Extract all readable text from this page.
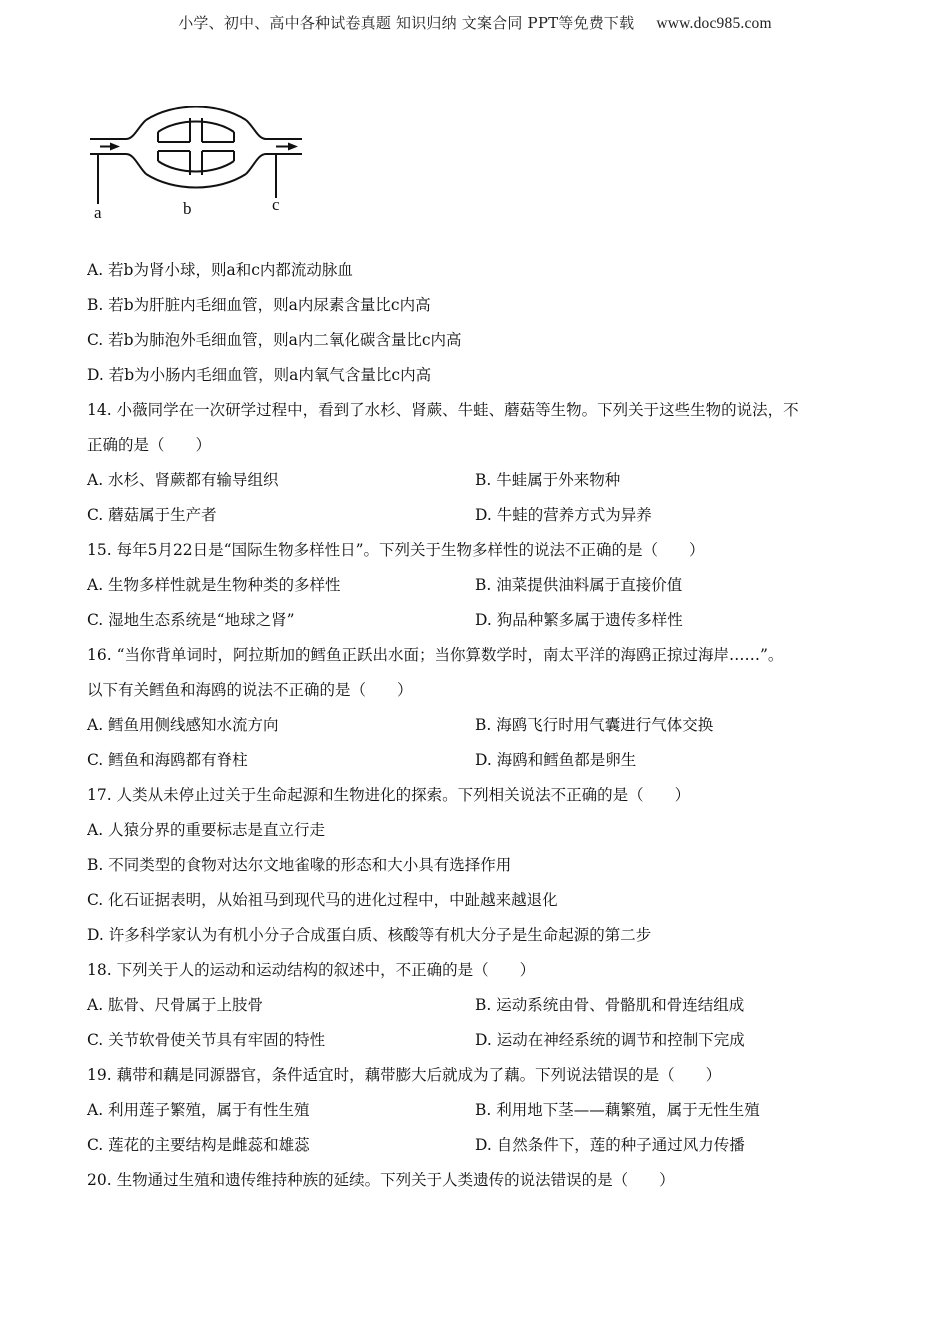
小学、初中、高中各种试卷真题 知识归纳 文案合同 PPT等免费下载 www.doc985.com
a	b	c
A. 若b为肾小球，则a和c内都流动脉血
B. 若b为肝脏内毛细血管，则a内尿素含量比c内高
C. 若b为肺泡外毛细血管，则a内二氧化碳含量比c内高
D. 若b为小肠内毛细血管，则a内氧气含量比c内高
14. 小薇同学在一次研学过程中，看到了水杉、肾蕨、牛蛙、蘑菇等生物。下列关于这些生物的说法，不
正确的是（　　）
A. 水杉、肾蕨都有输导组织	B. 牛蛙属于外来物种
C. 蘑菇属于生产者	D. 牛蛙的营养方式为异养
15. 每年5月22日是“国际生物多样性日”。下列关于生物多样性的说法不正确的是（　　）
A. 生物多样性就是生物种类的多样性	B. 油菜提供油料属于直接价值
C. 湿地生态系统是“地球之肾”	D. 狗品种繁多属于遗传多样性
16. “当你背单词时，阿拉斯加的鳕鱼正跃出水面；当你算数学时，南太平洋的海鸥正掠过海岸……”。
以下有关鳕鱼和海鸥的说法不正确的是（　　）
A. 鳕鱼用侧线感知水流方向	B. 海鸥飞行时用气囊进行气体交换
C. 鳕鱼和海鸥都有脊柱	D. 海鸥和鳕鱼都是卵生
17. 人类从未停止过关于生命起源和生物进化的探索。下列相关说法不正确的是（　　）
A. 人猿分界的重要标志是直立行走
B. 不同类型的食物对达尔文地雀喙的形态和大小具有选择作用
C. 化石证据表明，从始祖马到现代马的进化过程中，中趾越来越退化
D. 许多科学家认为有机小分子合成蛋白质、核酸等有机大分子是生命起源的第二步
18. 下列关于人的运动和运动结构的叙述中，不正确的是（　　）
A. 肱骨、尺骨属于上肢骨	B. 运动系统由骨、骨骼肌和骨连结组成
C. 关节软骨使关节具有牢固的特性	D. 运动在神经系统的调节和控制下完成
19. 藕带和藕是同源器官，条件适宜时，藕带膨大后就成为了藕。下列说法错误的是（　　）
A. 利用莲子繁殖，属于有性生殖	B. 利用地下茎——藕繁殖，属于无性生殖
C. 莲花的主要结构是雌蕊和雄蕊	D. 自然条件下，莲的种子通过风力传播
20. 生物通过生殖和遗传维持种族的延续。下列关于人类遗传的说法错误的是（　　）
